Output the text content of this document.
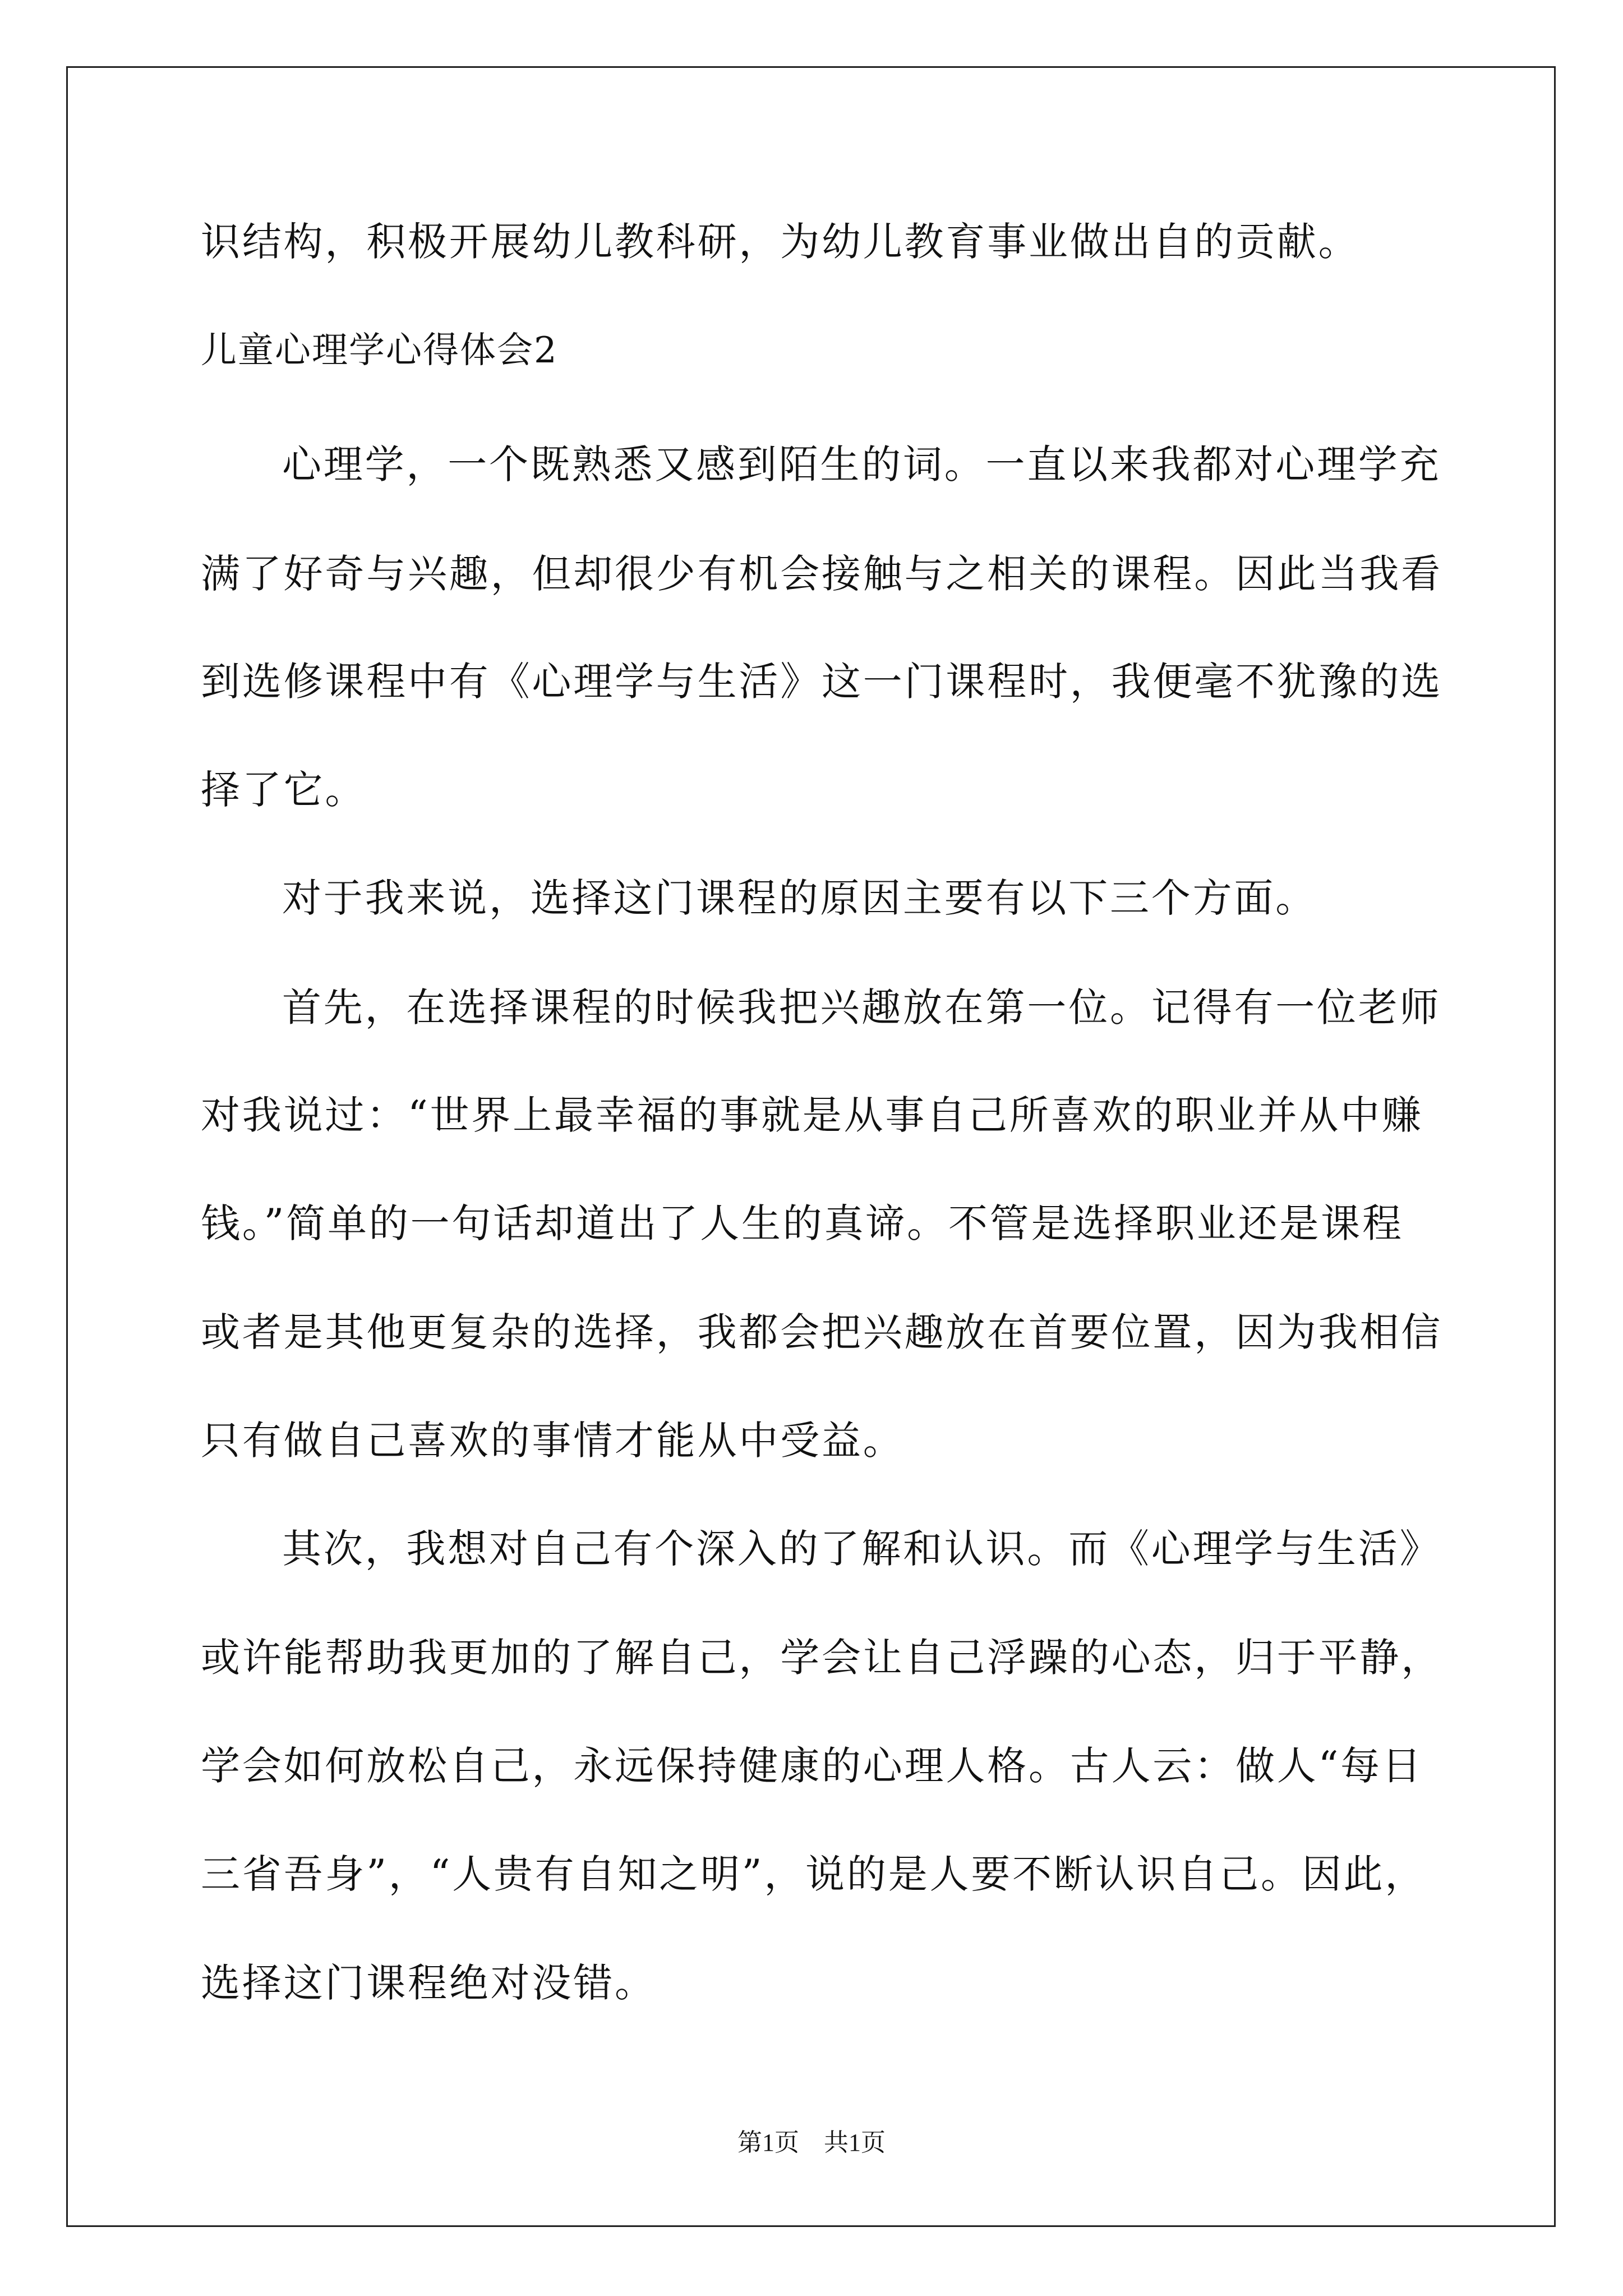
识结构，积极开展幼儿教科研，为幼儿教育事业做出自的贡献。
儿童心理学心得体会2
心理学，一个既熟悉又感到陌生的词。一直以来我都对心理学充
满了好奇与兴趣，但却很少有机会接触与之相关的课程。因此当我看
到选修课程中有《心理学与生活》这一门课程时，我便毫不犹豫的选
择了它。
对于我来说，选择这门课程的原因主要有以下三个方面。
首先，在选择课程的时候我把兴趣放在第一位。记得有一位老师
对我说过：“世界上最幸福的事就是从事自己所喜欢的职业并从中赚
钱。”简单的一句话却道出了人生的真谛。不管是选择职业还是课程
或者是其他更复杂的选择，我都会把兴趣放在首要位置，因为我相信
只有做自己喜欢的事情才能从中受益。
其次，我想对自己有个深入的了解和认识。而《心理学与生活》
或许能帮助我更加的了解自己，学会让自己浮躁的心态，归于平静，
学会如何放松自己，永远保持健康的心理人格。古人云：做人“每日
三省吾身”，“人贵有自知之明”，说的是人要不断认识自己。因此，
选择这门课程绝对没错。
第1页　共1页
